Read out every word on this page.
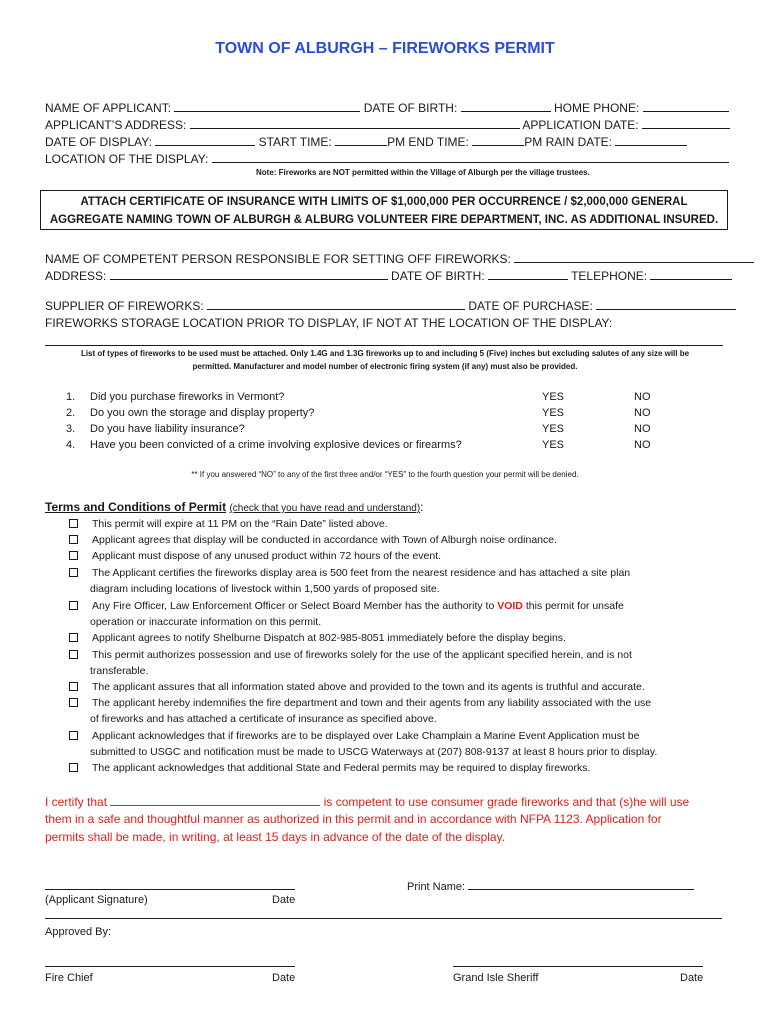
TOWN OF ALBURGH – FIREWORKS PERMIT
NAME OF APPLICANT:	DATE OF BIRTH:	HOME PHONE:
APPLICANT’S ADDRESS:	APPLICATION DATE:
DATE OF DISPLAY:	START TIME:	PM END TIME:	PM RAIN DATE:
LOCATION OF THE DISPLAY:
Note: Fireworks are NOT permitted within the Village of Alburgh per the village trustees.
ATTACH CERTIFICATE OF INSURANCE WITH LIMITS OF $1,000,000 PER OCCURRENCE / $2,000,000 GENERAL
AGGREGATE NAMING TOWN OF ALBURGH & ALBURG VOLUNTEER FIRE DEPARTMENT, INC. AS ADDITIONAL INSURED.
NAME OF COMPETENT PERSON RESPONSIBLE FOR SETTING OFF FIREWORKS:
ADDRESS:	DATE OF BIRTH:	TELEPHONE:
SUPPLIER OF FIREWORKS:	DATE OF PURCHASE:
FIREWORKS STORAGE LOCATION PRIOR TO DISPLAY, IF NOT AT THE LOCATION OF THE DISPLAY:
List of types of fireworks to be used must be attached. Only 1.4G and 1.3G fireworks up to and including 5 (Five) inches but excluding salutes of any size will be
permitted. Manufacturer and model number of electronic firing system (if any) must also be provided.
1. Did you purchase fireworks in Vermont?	YES	NO
2. Do you own the storage and display property?	YES	NO
3. Do you have liability insurance?	YES	NO
4. Have you been convicted of a crime involving explosive devices or firearms?	YES	NO
** If you answered “NO” to any of the first three and/or “YES” to the fourth question your permit will be denied.
Terms and Conditions of Permit (check that you have read and understand):
This permit will expire at 11 PM on the “Rain Date” listed above.
Applicant agrees that display will be conducted in accordance with Town of Alburgh noise ordinance.
Applicant must dispose of any unused product within 72 hours of the event.
The Applicant certifies the fireworks display area is 500 feet from the nearest residence and has attached a site plan
diagram including locations of livestock within 1,500 yards of proposed site.
Any Fire Officer, Law Enforcement Officer or Select Board Member has the authority to VOID this permit for unsafe
operation or inaccurate information on this permit.
Applicant agrees to notify Shelburne Dispatch at 802-985-8051 immediately before the display begins.
This permit authorizes possession and use of fireworks solely for the use of the applicant specified herein, and is not
transferable.
The applicant assures that all information stated above and provided to the town and its agents is truthful and accurate.
The applicant hereby indemnifies the fire department and town and their agents from any liability associated with the use
of fireworks and has attached a certificate of insurance as specified above.
Applicant acknowledges that if fireworks are to be displayed over Lake Champlain a Marine Event Application must be
submitted to USGC and notification must be made to USCG Waterways at (207) 808-9137 at least 8 hours prior to display.
The applicant acknowledges that additional State and Federal permits may be required to display fireworks.
I certify that	is competent to use consumer grade fireworks and that (s)he will use
them in a safe and thoughtful manner as authorized in this permit and in accordance with NFPA 1123. Application for
permits shall be made, in writing, at least 15 days in advance of the date of the display.
Print Name:
(Applicant Signature)	Date
Approved By:
Fire Chief	Date	Grand Isle Sheriff	Date
